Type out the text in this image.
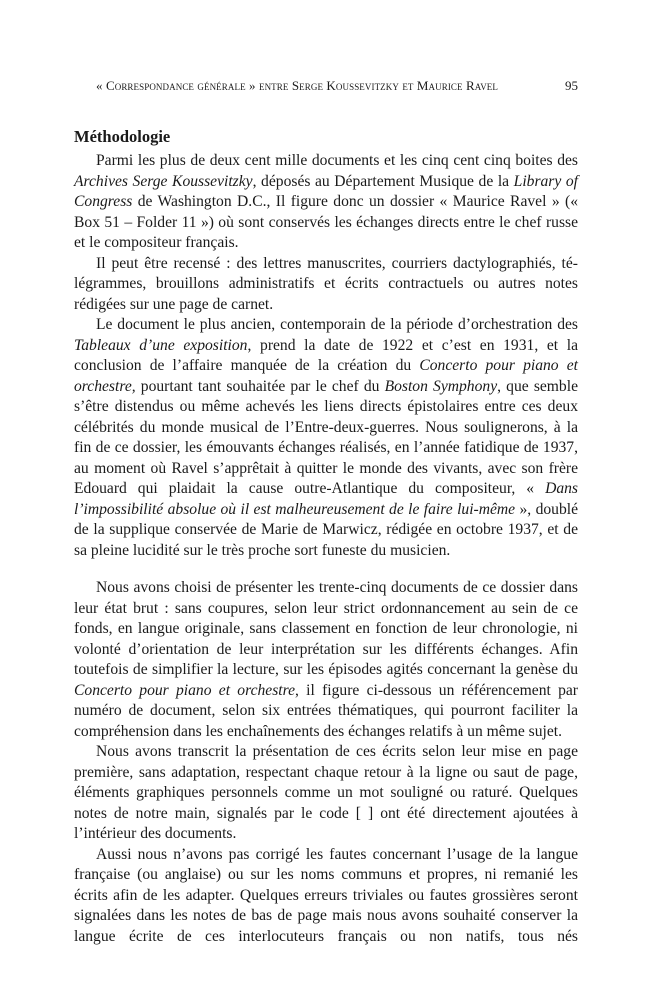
« Correspondance générale » entre Serge Koussevitzky et Maurice Ravel	95
Méthodologie

Parmi les plus de deux cent mille documents et les cinq cent cinq boites des Archives Serge Koussevitzky, déposés au Département Musique de la Library of Congress de Washington D.C., Il figure donc un dossier « Maurice Ravel » (« Box 51 – Folder 11 ») où sont conservés les échanges directs entre le chef russe et le compositeur français.

Il peut être recensé : des lettres manuscrites, courriers dactylographiés, télégrammes, brouillons administratifs et écrits contractuels ou autres notes rédigées sur une page de carnet.

Le document le plus ancien, contemporain de la période d’orchestration des Tableaux d’une exposition, prend la date de 1922 et c’est en 1931, et la conclusion de l’affaire manquée de la création du Concerto pour piano et orchestre, pourtant tant souhaitée par le chef du Boston Symphony, que semble s’être distendus ou même achevés les liens directs épistolaires entre ces deux célébrités du monde musical de l’Entre-deux-guerres. Nous soulignerons, à la fin de ce dossier, les émouvants échanges réalisés, en l’année fatidique de 1937, au moment où Ravel s’apprêtait à quitter le monde des vivants, avec son frère Edouard qui plaidait la cause outre-Atlantique du compositeur, « Dans l’impossibilité absolue où il est malheureusement de le faire lui-même », doublé de la supplique conservée de Marie de Marwicz, rédigée en octobre 1937, et de sa pleine lucidité sur le très proche sort funeste du musicien.

Nous avons choisi de présenter les trente-cinq documents de ce dossier dans leur état brut : sans coupures, selon leur strict ordonnancement au sein de ce fonds, en langue originale, sans classement en fonction de leur chronologie, ni volonté d’orientation de leur interprétation sur les différents échanges. Afin toutefois de simplifier la lecture, sur les épisodes agités concernant la genèse du Concerto pour piano et orchestre, il figure ci-dessous un référencement par numéro de document, selon six entrées thématiques, qui pourront faciliter la compréhension dans les enchaînements des échanges relatifs à un même sujet.

Nous avons transcrit la présentation de ces écrits selon leur mise en page première, sans adaptation, respectant chaque retour à la ligne ou saut de page, éléments graphiques personnels comme un mot souligné ou raturé. Quelques notes de notre main, signalés par le code [ ] ont été directement ajoutées à l’intérieur des documents.

Aussi nous n’avons pas corrigé les fautes concernant l’usage de la langue française (ou anglaise) ou sur les noms communs et propres, ni remanié les écrits afin de les adapter. Quelques erreurs triviales ou fautes grossières seront signalées dans les notes de bas de page mais nous avons souhaité conserver la langue écrite de ces interlocuteurs français ou non natifs, tous nés
